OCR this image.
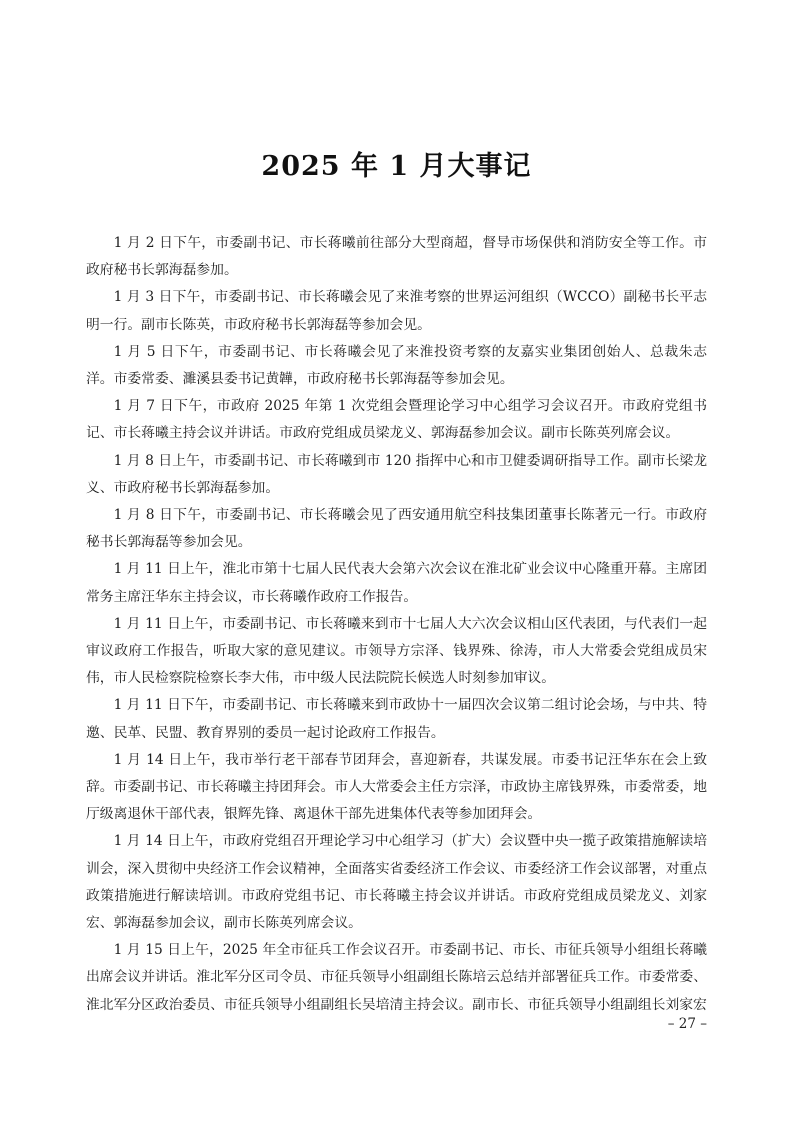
2025 年 1 月大事记

1 月 2 日下午，市委副书记、市长蒋曦前往部分大型商超，督导市场保供和消防安全等工作。市政府秘书长郭海磊参加。

1 月 3 日下午，市委副书记、市长蒋曦会见了来淮考察的世界运河组织（WCCO）副秘书长平志明一行。副市长陈英，市政府秘书长郭海磊等参加会见。

1 月 5 日下午，市委副书记、市长蒋曦会见了来淮投资考察的友嘉实业集团创始人、总裁朱志洋。市委常委、濉溪县委书记黄韡，市政府秘书长郭海磊等参加会见。

1 月 7 日下午，市政府 2025 年第 1 次党组会暨理论学习中心组学习会议召开。市政府党组书记、市长蒋曦主持会议并讲话。市政府党组成员梁龙义、郭海磊参加会议。副市长陈英列席会议。

1 月 8 日上午，市委副书记、市长蒋曦到市 120 指挥中心和市卫健委调研指导工作。副市长梁龙义、市政府秘书长郭海磊参加。

1 月 8 日下午，市委副书记、市长蒋曦会见了西安通用航空科技集团董事长陈著元一行。市政府秘书长郭海磊等参加会见。

1 月 11 日上午，淮北市第十七届人民代表大会第六次会议在淮北矿业会议中心隆重开幕。主席团常务主席汪华东主持会议，市长蒋曦作政府工作报告。

1 月 11 日上午，市委副书记、市长蒋曦来到市十七届人大六次会议相山区代表团，与代表们一起审议政府工作报告，听取大家的意见建议。市领导方宗泽、钱界殊、徐涛，市人大常委会党组成员宋伟，市人民检察院检察长李大伟，市中级人民法院院长候选人时刻参加审议。

1 月 11 日下午，市委副书记、市长蒋曦来到市政协十一届四次会议第二组讨论会场，与中共、特邀、民革、民盟、教育界别的委员一起讨论政府工作报告。

1 月 14 日上午，我市举行老干部春节团拜会，喜迎新春，共谋发展。市委书记汪华东在会上致辞。市委副书记、市长蒋曦主持团拜会。市人大常委会主任方宗泽，市政协主席钱界殊，市委常委，地厅级离退休干部代表，银辉先锋、离退休干部先进集体代表等参加团拜会。

1 月 14 日上午，市政府党组召开理论学习中心组学习（扩大）会议暨中央一揽子政策措施解读培训会，深入贯彻中央经济工作会议精神，全面落实省委经济工作会议、市委经济工作会议部署，对重点政策措施进行解读培训。市政府党组书记、市长蒋曦主持会议并讲话。市政府党组成员梁龙义、刘家宏、郭海磊参加会议，副市长陈英列席会议。

1 月 15 日上午，2025 年全市征兵工作会议召开。市委副书记、市长、市征兵领导小组组长蒋曦出席会议并讲话。淮北军分区司令员、市征兵领导小组副组长陈培云总结并部署征兵工作。市委常委、淮北军分区政治委员、市征兵领导小组副组长吴培清主持会议。副市长、市征兵领导小组副组长刘家宏

– 27 –
